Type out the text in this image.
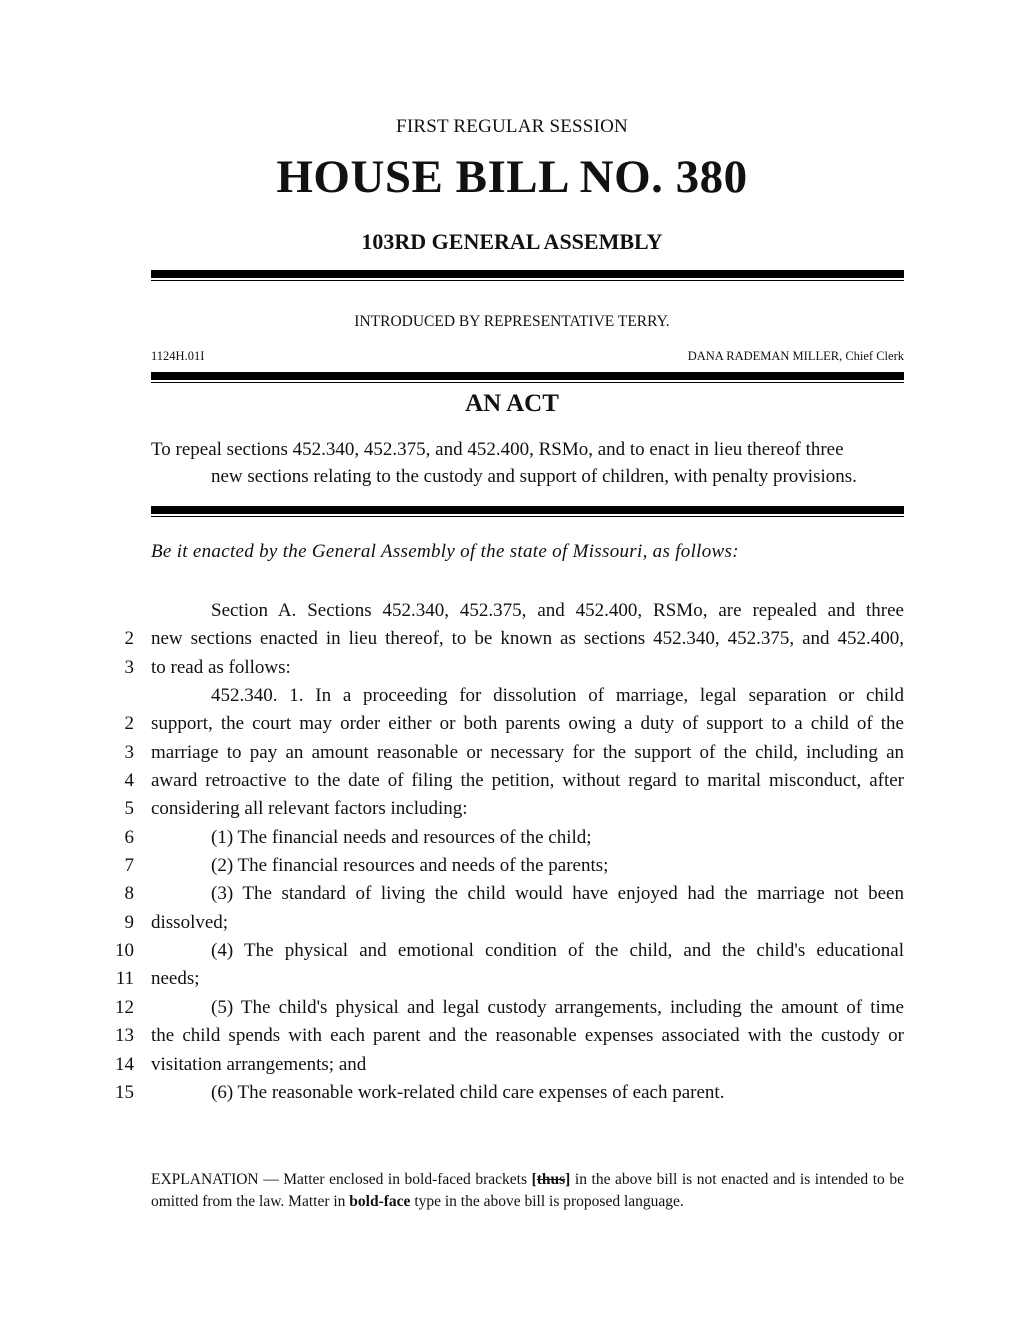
FIRST REGULAR SESSION
HOUSE BILL NO. 380
103RD GENERAL ASSEMBLY
INTRODUCED BY REPRESENTATIVE TERRY.
1124H.01I	DANA RADEMAN MILLER, Chief Clerk
AN ACT
To repeal sections 452.340, 452.375, and 452.400, RSMo, and to enact in lieu thereof three
new sections relating to the custody and support of children, with penalty provisions.
Be it enacted by the General Assembly of the state of Missouri, as follows:
Section A. Sections 452.340, 452.375, and 452.400, RSMo, are repealed and three
2 new sections enacted in lieu thereof, to be known as sections 452.340, 452.375, and 452.400,
3 to read as follows:
452.340. 1. In a proceeding for dissolution of marriage, legal separation or child
2 support, the court may order either or both parents owing a duty of support to a child of the
3 marriage to pay an amount reasonable or necessary for the support of the child, including an
4 award retroactive to the date of filing the petition, without regard to marital misconduct, after
5 considering all relevant factors including:
6	(1) The financial needs and resources of the child;
7	(2) The financial resources and needs of the parents;
8	(3) The standard of living the child would have enjoyed had the marriage not been
9 dissolved;
10	(4) The physical and emotional condition of the child, and the child's educational
11 needs;
12	(5) The child's physical and legal custody arrangements, including the amount of time
13 the child spends with each parent and the reasonable expenses associated with the custody or
14 visitation arrangements; and
15	(6) The reasonable work-related child care expenses of each parent.
EXPLANATION — Matter enclosed in bold-faced brackets [thus] in the above bill is not enacted and is intended to be omitted from the law. Matter in bold-face type in the above bill is proposed language.
